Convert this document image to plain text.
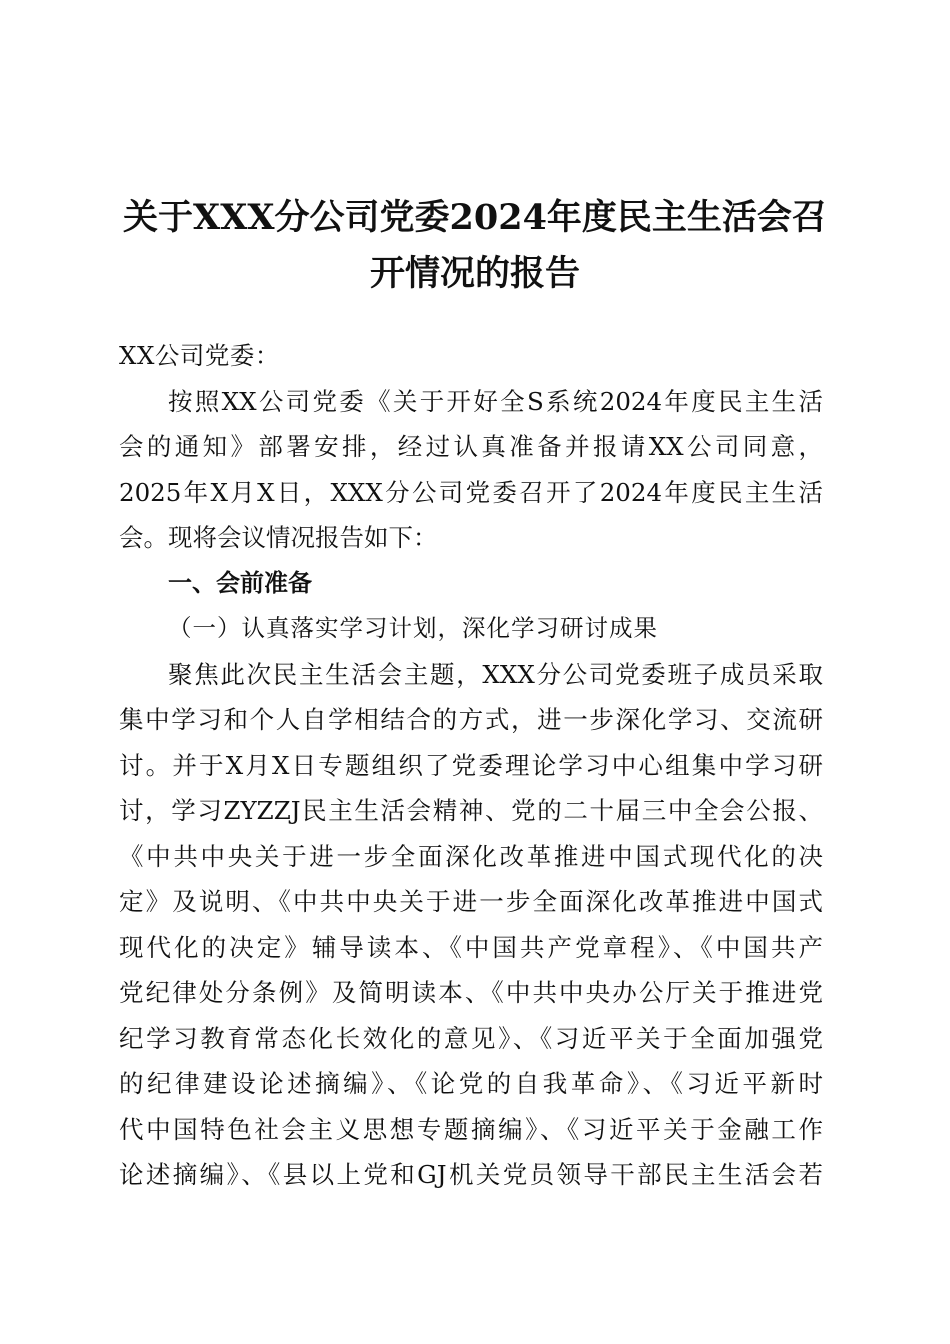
关于XXX分公司党委2024年度民主生活会召
开情况的报告

XX公司党委：

按照XX公司党委《关于开好全S系统2024年度民主生活
会的通知》部署安排，经过认真准备并报请XX公司同意，
2025年X月X日，XXX分公司党委召开了2024年度民主生活
会。现将会议情况报告如下：

一、会前准备

（一）认真落实学习计划，深化学习研讨成果

聚焦此次民主生活会主题，XXX分公司党委班子成员采取
集中学习和个人自学相结合的方式，进一步深化学习、交流研
讨。并于X月X日专题组织了党委理论学习中心组集中学习研
讨，学习ZYZZJ民主生活会精神、党的二十届三中全会公报、
《中共中央关于进一步全面深化改革推进中国式现代化的决
定》及说明、《中共中央关于进一步全面深化改革推进中国式
现代化的决定》辅导读本、《中国共产党章程》、《中国共产
党纪律处分条例》及简明读本、《中共中央办公厅关于推进党
纪学习教育常态化长效化的意见》、《习近平关于全面加强党
的纪律建设论述摘编》、《论党的自我革命》、《习近平新时
代中国特色社会主义思想专题摘编》、《习近平关于金融工作
论述摘编》、《县以上党和GJ机关党员领导干部民主生活会若
